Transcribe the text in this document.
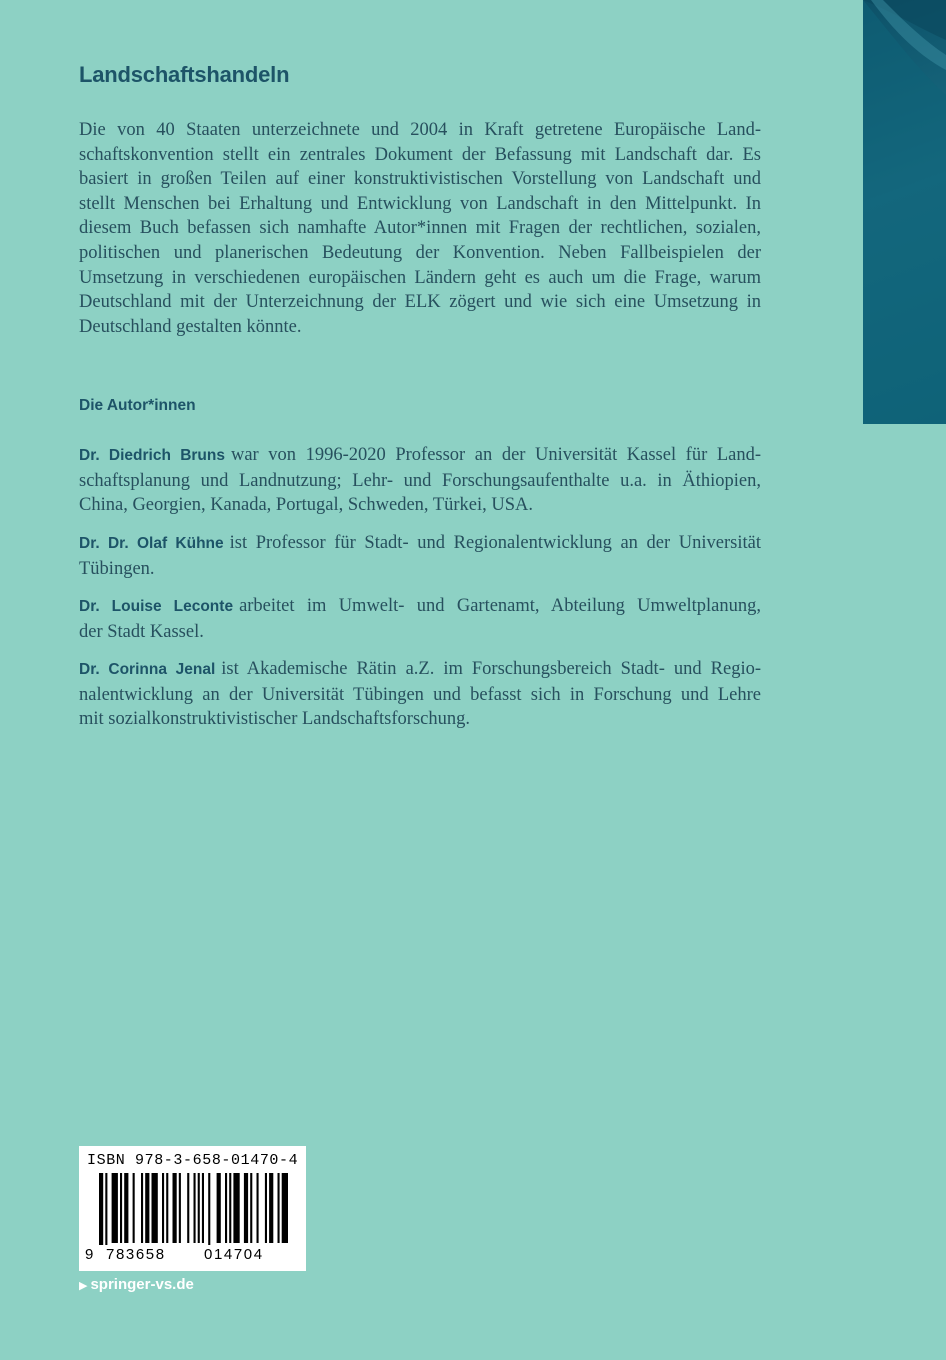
Landschaftshandeln
Die von 40 Staaten unterzeichnete und 2004 in Kraft getretene Europäische Land-
schaftskonvention stellt ein zentrales Dokument der Befassung mit Landschaft dar. Es
basiert in großen Teilen auf einer konstruktivistischen Vorstellung von Landschaft und
stellt Menschen bei Erhaltung und Entwicklung von Landschaft in den Mittelpunkt. In
diesem Buch befassen sich namhafte Autor*innen mit Fragen der rechtlichen, sozialen,
politischen und planerischen Bedeutung der Konvention. Neben Fallbeispielen der
Umsetzung in verschiedenen europäischen Ländern geht es auch um die Frage, warum
Deutschland mit der Unterzeichnung der ELK zögert und wie sich eine Umsetzung in
Deutschland gestalten könnte.
Die Autor*innen
Dr. Diedrich Bruns war von 1996-2020 Professor an der Universität Kassel für Land-
schaftsplanung und Landnutzung; Lehr- und Forschungsaufenthalte u.a. in Äthiopien,
China, Georgien, Kanada, Portugal, Schweden, Türkei, USA.
Dr. Dr. Olaf Kühne ist Professor für Stadt- und Regionalentwicklung an der Universität
Tübingen.
Dr. Louise Leconte arbeitet im Umwelt- und Gartenamt, Abteilung Umweltplanung,
der Stadt Kassel.
Dr. Corinna Jenal ist Akademische Rätin a.Z. im Forschungsbereich Stadt- und Regio-
nalentwicklung an der Universität Tübingen und befasst sich in Forschung und Lehre
mit sozialkonstruktivistischer Landschaftsforschung.
ISBN 978-3-658-01470-4
9 783658	014704
▶ springer-vs.de
